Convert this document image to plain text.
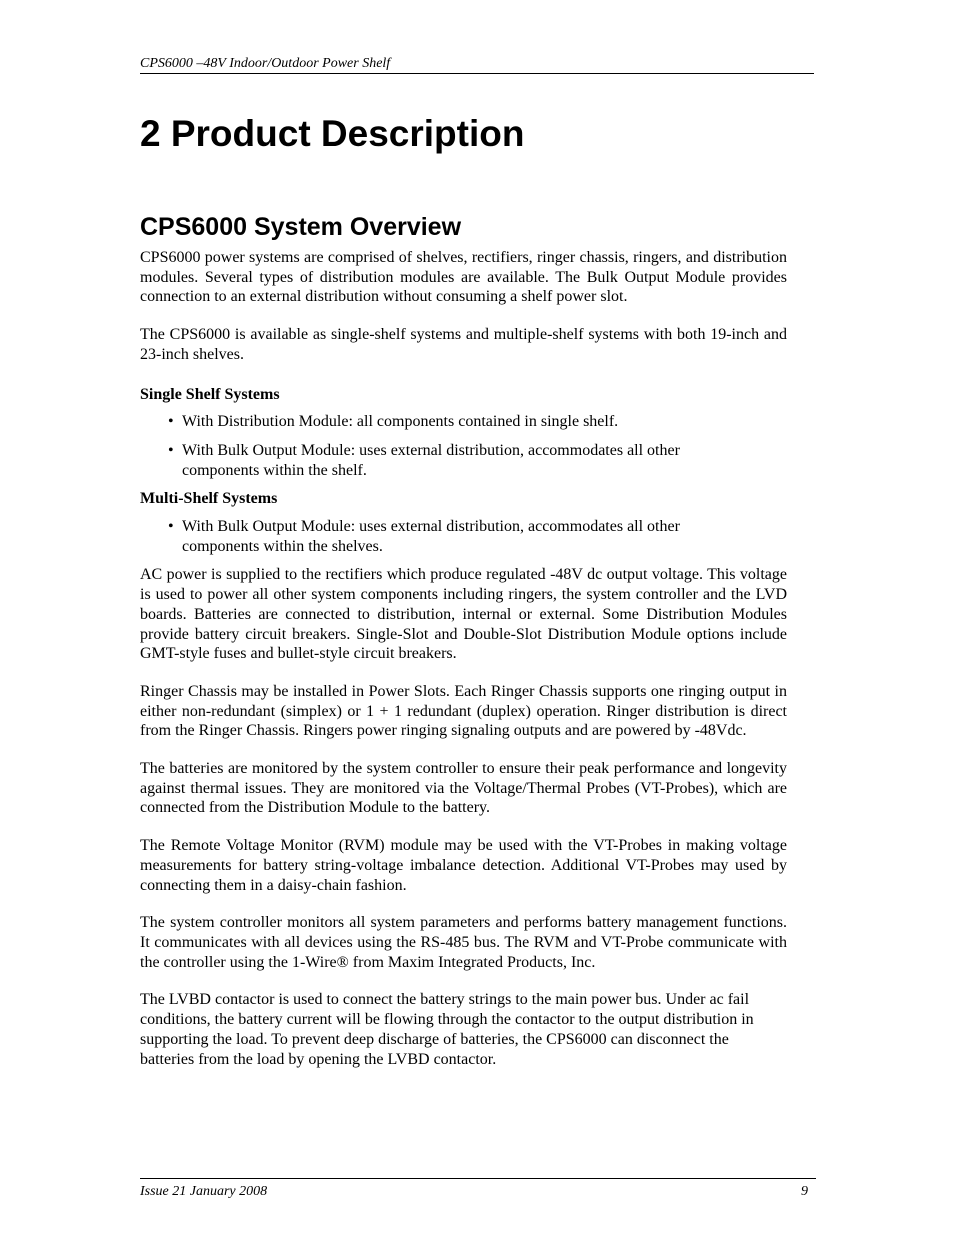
CPS6000 –48V Indoor/Outdoor Power Shelf
2 Product Description
CPS6000 System Overview

CPS6000 power systems are comprised of shelves, rectifiers, ringer chassis, ringers, and distribution modules. Several types of distribution modules are available. The Bulk Output Module provides connection to an external distribution without consuming a shelf power slot.

The CPS6000 is available as single-shelf systems and multiple-shelf systems with both 19-inch and 23-inch shelves.

Single Shelf Systems

• With Distribution Module: all components contained in single shelf.
• With Bulk Output Module: uses external distribution, accommodates all other components within the shelf.

Multi-Shelf Systems

• With Bulk Output Module: uses external distribution, accommodates all other components within the shelves.

AC power is supplied to the rectifiers which produce regulated -48V dc output voltage. This voltage is used to power all other system components including ringers, the system controller and the LVD boards. Batteries are connected to distribution, internal or external. Some Distribution Modules provide battery circuit breakers. Single-Slot and Double-Slot Distribution Module options include GMT-style fuses and bullet-style circuit breakers.

Ringer Chassis may be installed in Power Slots. Each Ringer Chassis supports one ringing output in either non-redundant (simplex) or 1 + 1 redundant (duplex) operation. Ringer distribution is direct from the Ringer Chassis. Ringers power ringing signaling outputs and are powered by -48Vdc.

The batteries are monitored by the system controller to ensure their peak performance and longevity against thermal issues. They are monitored via the Voltage/Thermal Probes (VT-Probes), which are connected from the Distribution Module to the battery.

The Remote Voltage Monitor (RVM) module may be used with the VT-Probes in making voltage measurements for battery string-voltage imbalance detection. Additional VT-Probes may used by connecting them in a daisy-chain fashion.

The system controller monitors all system parameters and performs battery management functions. It communicates with all devices using the RS-485 bus. The RVM and VT-Probe communicate with the controller using the 1-Wire® from Maxim Integrated Products, Inc.

The LVBD contactor is used to connect the battery strings to the main power bus. Under ac fail conditions, the battery current will be flowing through the contactor to the output distribution in supporting the load. To prevent deep discharge of batteries, the CPS6000 can disconnect the batteries from the load by opening the LVBD contactor.

Issue 21 January 2008	9
